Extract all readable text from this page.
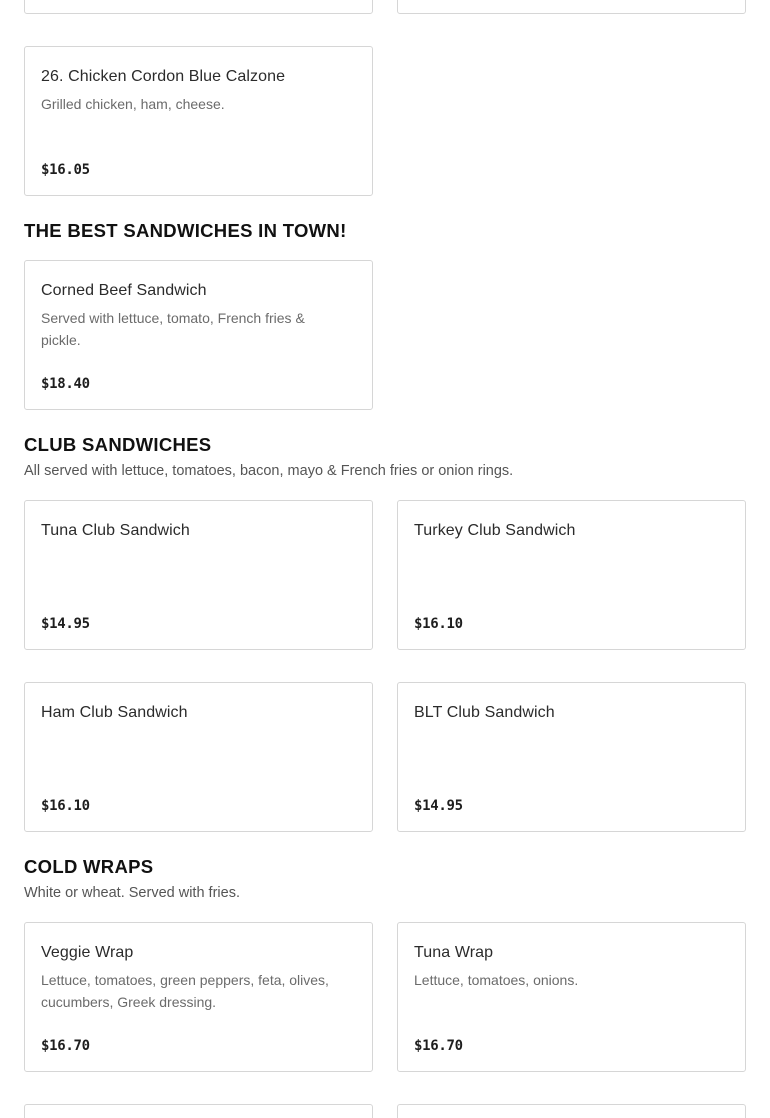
26. Chicken Cordon Blue Calzone
Grilled chicken, ham, cheese.
$16.05
THE BEST SANDWICHES IN TOWN!
Corned Beef Sandwich
Served with lettuce, tomato, French fries & pickle.
$18.40
CLUB SANDWICHES
All served with lettuce, tomatoes, bacon, mayo & French fries or onion rings.
Tuna Club Sandwich
$14.95
Turkey Club Sandwich
$16.10
Ham Club Sandwich
$16.10
BLT Club Sandwich
$14.95
COLD WRAPS
White or wheat. Served with fries.
Veggie Wrap
Lettuce, tomatoes, green peppers, feta, olives, cucumbers, Greek dressing.
$16.70
Tuna Wrap
Lettuce, tomatoes, onions.
$16.70
